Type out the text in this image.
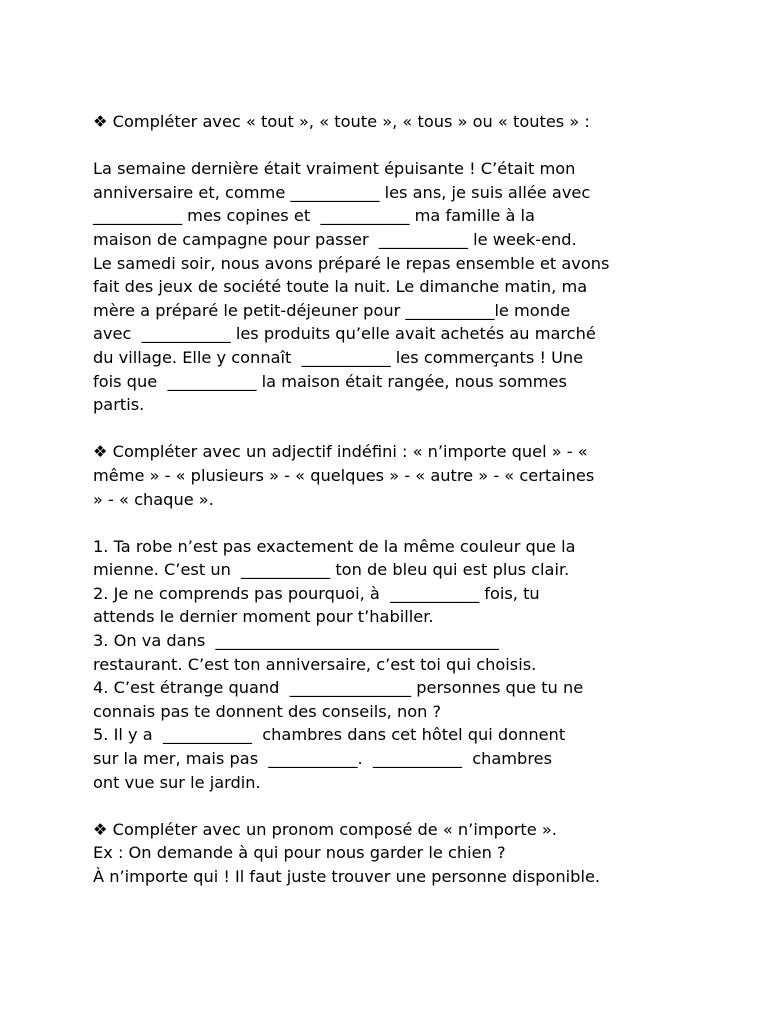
❖ Compléter avec « tout », « toute », « tous » ou « toutes » :
La semaine dernière était vraiment épuisante ! C’était mon
anniversaire et, comme ___________ les ans, je suis allée avec
___________ mes copines et  ___________ ma famille à la
maison de campagne pour passer  ___________ le week-end.
Le samedi soir, nous avons préparé le repas ensemble et avons
fait des jeux de société toute la nuit. Le dimanche matin, ma
mère a préparé le petit-déjeuner pour ___________le monde
avec  ___________ les produits qu’elle avait achetés au marché
du village. Elle y connaît  ___________ les commerçants ! Une
fois que  ___________ la maison était rangée, nous sommes
partis.
❖ Compléter avec un adjectif indéfini : « n’importe quel » - «
même » - « plusieurs » - « quelques » - « autre » - « certaines
» - « chaque ».
1. Ta robe n’est pas exactement de la même couleur que la
mienne. C’est un  ___________ ton de bleu qui est plus clair.
2. Je ne comprends pas pourquoi, à  ___________ fois, tu
attends le dernier moment pour t’habiller.
3. On va dans  ___________________________________
restaurant. C’est ton anniversaire, c’est toi qui choisis.
4. C’est étrange quand  _______________ personnes que tu ne
connais pas te donnent des conseils, non ?
5. Il y a  ___________  chambres dans cet hôtel qui donnent
sur la mer, mais pas  ___________.  ___________  chambres
ont vue sur le jardin.
❖ Compléter avec un pronom composé de « n’importe ».
Ex : On demande à qui pour nous garder le chien ?
À n’importe qui ! Il faut juste trouver une personne disponible.
